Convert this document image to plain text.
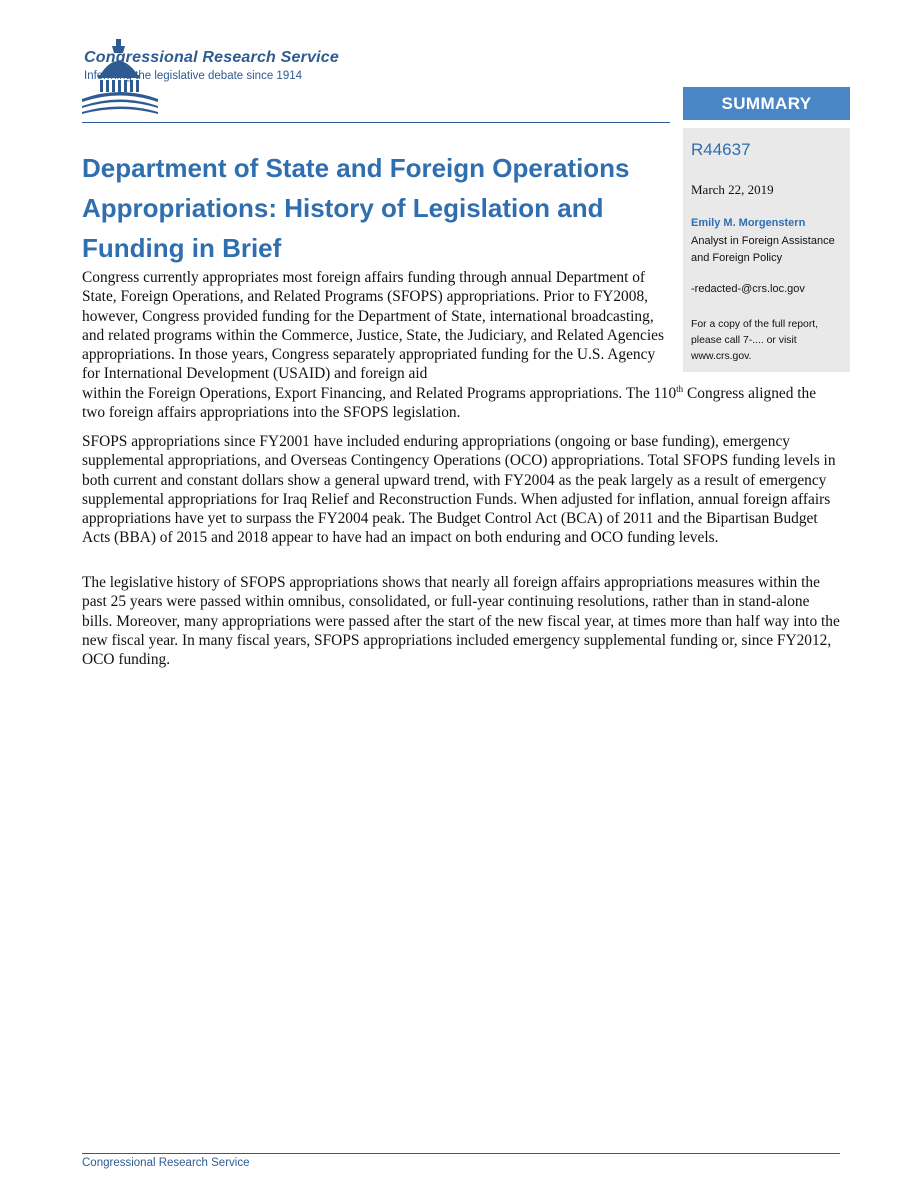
Congressional Research Service

Informing the legislative debate since 1914

SUMMARY

R44637

March 22, 2019

Emily M. Morgenstern

Analyst in Foreign Assistance and Foreign Policy

-redacted-@crs.loc.gov

For a copy of the full report, please call 7-.... or visit www.crs.gov.

Department of State and Foreign Operations Appropriations: History of Legislation and Funding in Brief
Congress currently appropriates most foreign affairs funding through annual Department of State, Foreign Operations, and Related Programs (SFOPS) appropriations. Prior to FY2008, however, Congress provided funding for the Department of State, international broadcasting, and related programs within the Commerce, Justice, State, the Judiciary, and Related Agencies appropriations. In those years, Congress separately appropriated funding for the U.S. Agency for International Development (USAID) and foreign aid
within the Foreign Operations, Export Financing, and Related Programs appropriations. The 110th Congress aligned the two foreign affairs appropriations into the SFOPS legislation.

SFOPS appropriations since FY2001 have included enduring appropriations (ongoing or base funding), emergency supplemental appropriations, and Overseas Contingency Operations (OCO) appropriations. Total SFOPS funding levels in both current and constant dollars show a general upward trend, with FY2004 as the peak largely as a result of emergency supplemental appropriations for Iraq Relief and Reconstruction Funds. When adjusted for inflation, annual foreign affairs appropriations have yet to surpass the FY2004 peak. The Budget Control Act (BCA) of 2011 and the Bipartisan Budget Acts (BBA) of 2015 and 2018 appear to have had an impact on both enduring and OCO funding levels.

The legislative history of SFOPS appropriations shows that nearly all foreign affairs appropriations measures within the past 25 years were passed within omnibus, consolidated, or full-year continuing resolutions, rather than in stand-alone bills. Moreover, many appropriations were passed after the start of the new fiscal year, at times more than half way into the new fiscal year. In many fiscal years, SFOPS appropriations included emergency supplemental funding or, since FY2012, OCO funding.

Congressional Research Service
